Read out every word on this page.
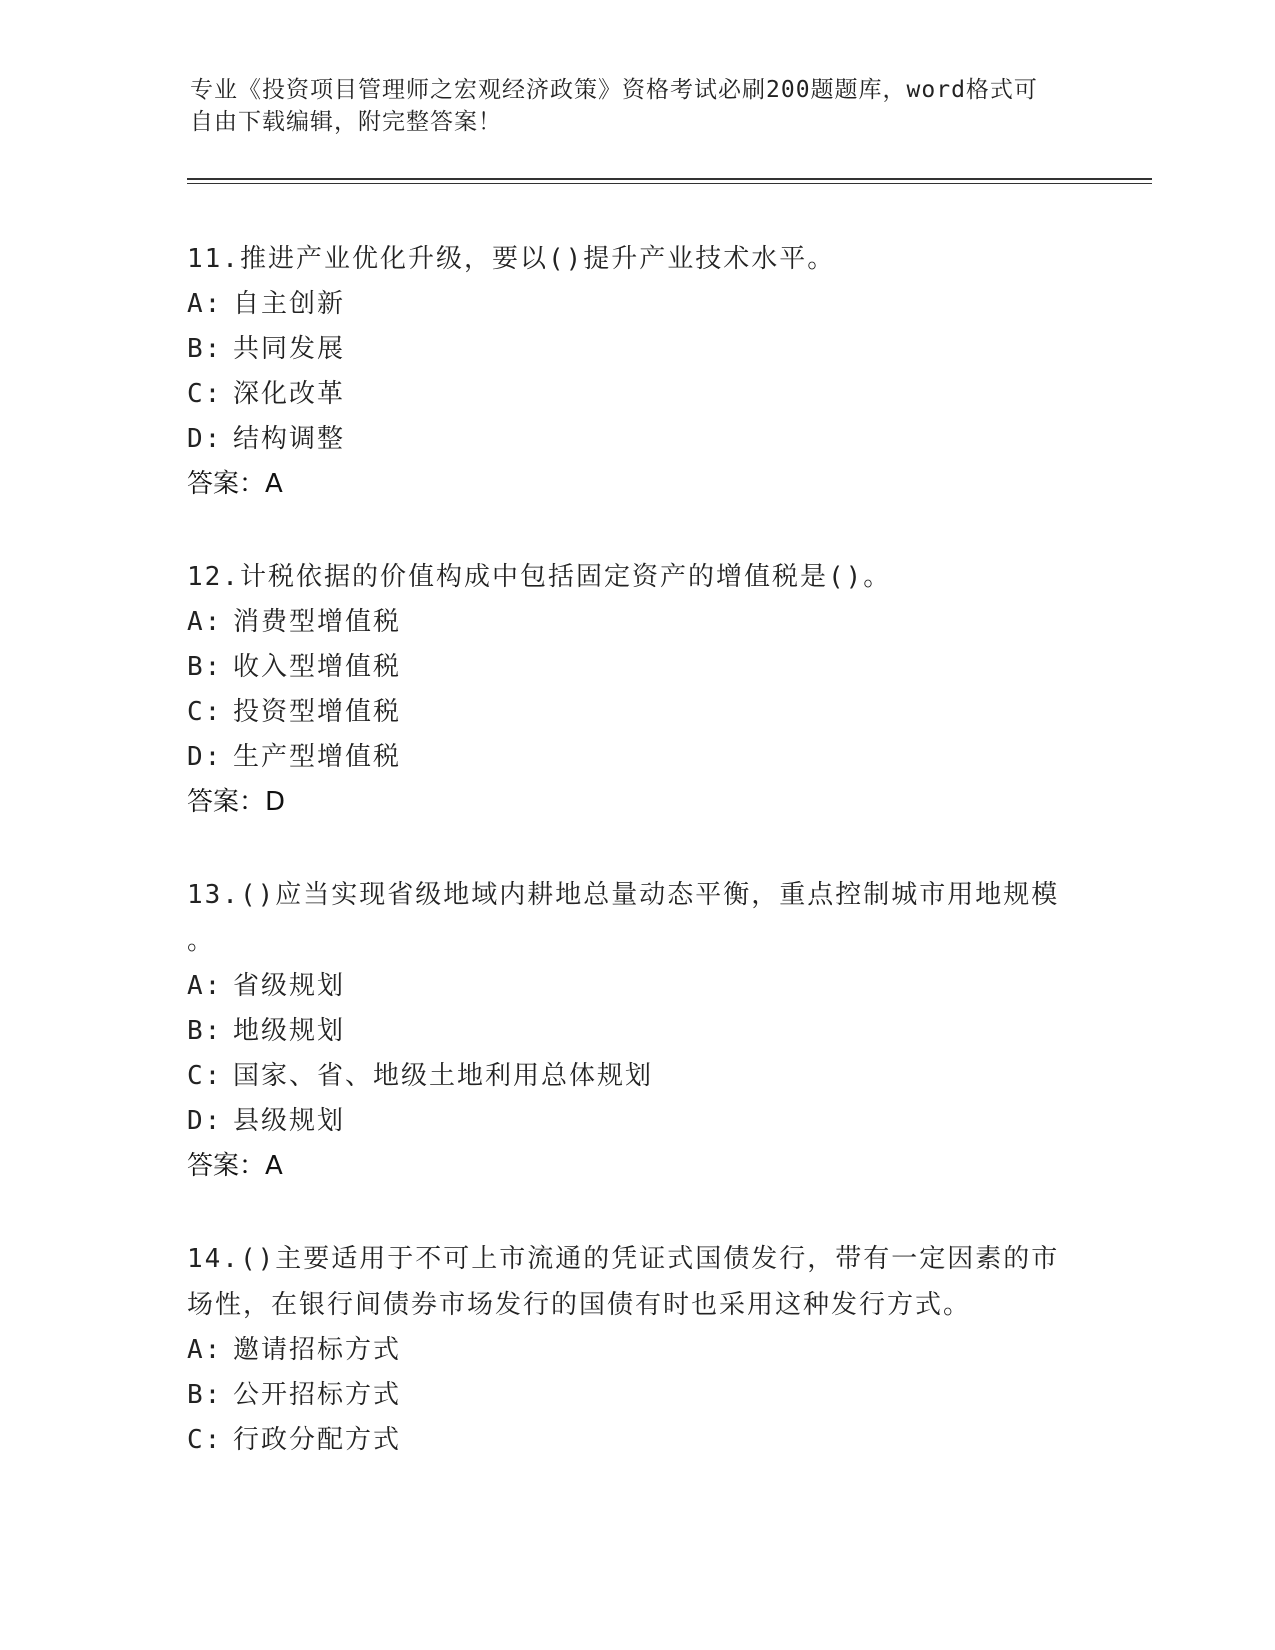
专业《投资项目管理师之宏观经济政策》资格考试必刷200题题库，word格式可
自由下载编辑，附完整答案！
11.推进产业优化升级，要以()提升产业技术水平。
A: 自主创新
B: 共同发展
C: 深化改革
D: 结构调整
答案：A
12.计税依据的价值构成中包括固定资产的增值税是()。
A: 消费型增值税
B: 收入型增值税
C: 投资型增值税
D: 生产型增值税
答案：D
13.()应当实现省级地域内耕地总量动态平衡，重点控制城市用地规模
。
A: 省级规划
B: 地级规划
C: 国家、省、地级土地利用总体规划
D: 县级规划
答案：A
14.()主要适用于不可上市流通的凭证式国债发行，带有一定因素的市
场性，在银行间债券市场发行的国债有时也采用这种发行方式。
A: 邀请招标方式
B: 公开招标方式
C: 行政分配方式
